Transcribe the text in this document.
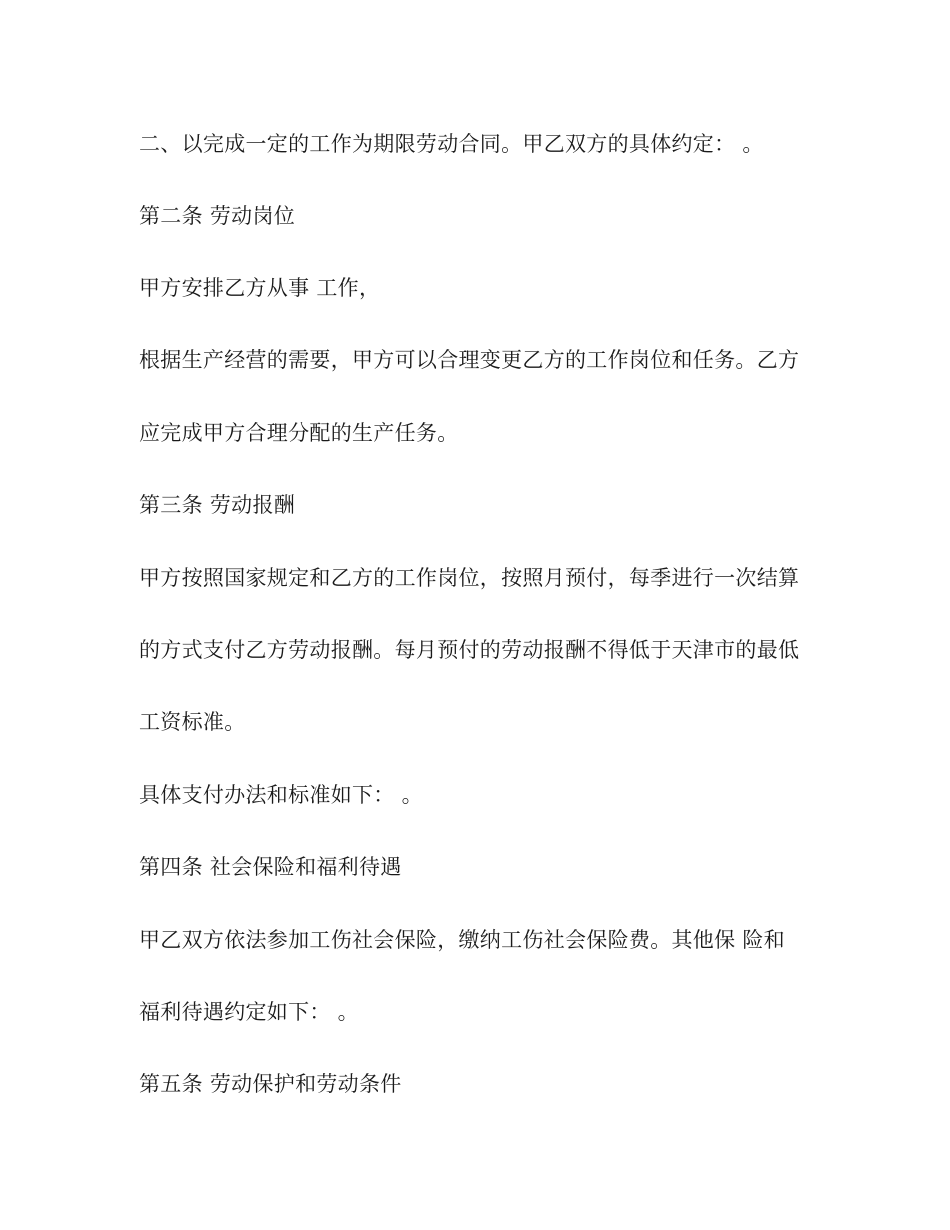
二、以完成一定的工作为期限劳动合同。甲乙双方的具体约定： 。
第二条 劳动岗位
甲方安排乙方从事 工作，
根据生产经营的需要，甲方可以合理变更乙方的工作岗位和任务。乙方
应完成甲方合理分配的生产任务。
第三条 劳动报酬
甲方按照国家规定和乙方的工作岗位，按照月预付，每季进行一次结算
的方式支付乙方劳动报酬。每月预付的劳动报酬不得低于天津市的最低
工资标准。
具体支付办法和标准如下： 。
第四条 社会保险和福利待遇
甲乙双方依法参加工伤社会保险，缴纳工伤社会保险费。其他保 险和
福利待遇约定如下： 。
第五条 劳动保护和劳动条件
